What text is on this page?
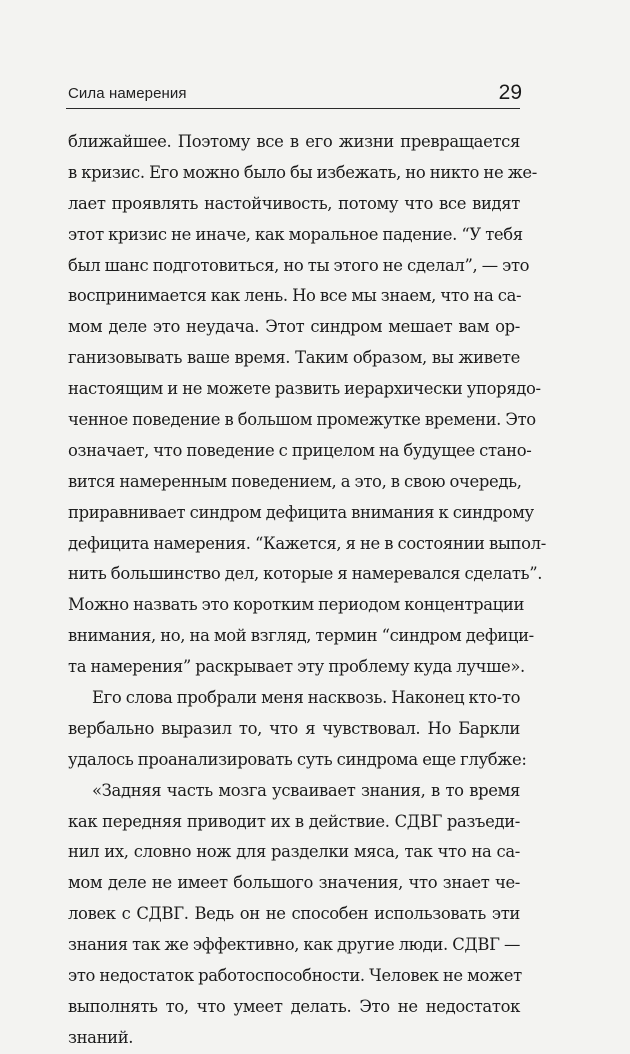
Сила намерения	29
ближайшее. Поэтому все в его жизни превращается
в кризис. Его можно было бы избежать, но никто не же-
лает проявлять настойчивость, потому что все видят
этот кризис не иначе, как моральное падение. “У тебя
был шанс подготовиться, но ты этого не сделал”, — это
воспринимается как лень. Но все мы знаем, что на са-
мом деле это неудача. Этот синдром мешает вам ор-
ганизовывать ваше время. Таким образом, вы живете
настоящим и не можете развить иерархически упорядо-
ченное поведение в большом промежутке времени. Это
означает, что поведение с прицелом на будущее стано-
вится намеренным поведением, а это, в свою очередь,
приравнивает синдром дефицита внимания к синдрому
дефицита намерения. “Кажется, я не в состоянии выпол-
нить большинство дел, которые я намеревался сделать”.
Можно назвать это коротким периодом концентрации
внимания, но, на мой взгляд, термин “синдром дефици-
та намерения” раскрывает эту проблему куда лучше».
Его слова пробрали меня насквозь. Наконец кто-то
вербально выразил то, что я чувствовал. Но Баркли
удалось проанализировать суть синдрома еще глубже:
«Задняя часть мозга усваивает знания, в то время
как передняя приводит их в действие. СДВГ разъеди-
нил их, словно нож для разделки мяса, так что на са-
мом деле не имеет большого значения, что знает че-
ловек с СДВГ. Ведь он не способен использовать эти
знания так же эффективно, как другие люди. СДВГ —
это недостаток работоспособности. Человек не может
выполнять то, что умеет делать. Это не недостаток
знаний.
